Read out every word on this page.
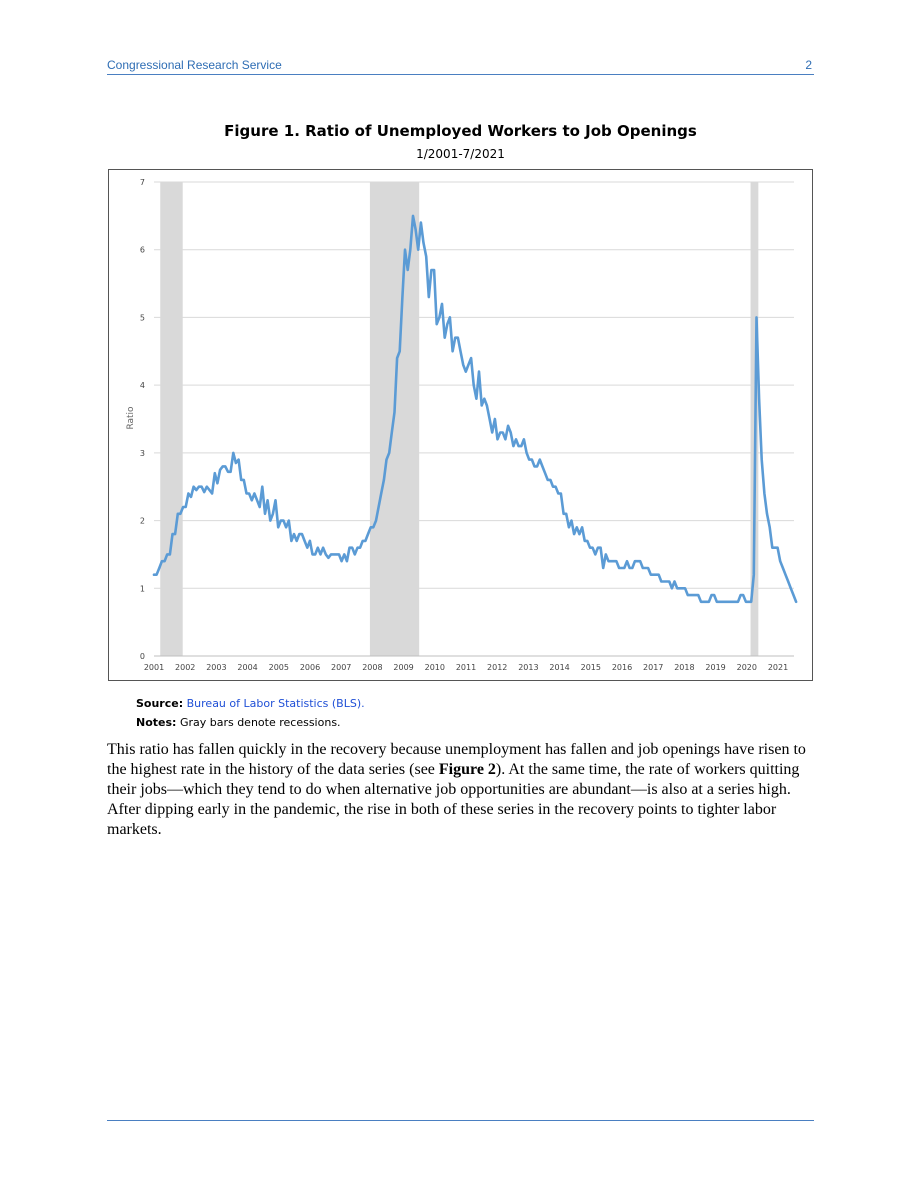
Congressional Research Service	2
Figure 1. Ratio of Unemployed Workers to Job Openings
1/2001-7/2021
0
1
2
3
4
5
6
7
2001 2002 2003 2004 2005 2006 2007 2008 2009 2010 2011 2012 2013 2014 2015 2016 2017 2018 2019 2020 2021
Ratio
Source: Bureau of Labor Statistics (BLS).
Notes: Gray bars denote recessions.
This ratio has fallen quickly in the recovery because unemployment has fallen and job openings have risen to the highest rate in the history of the data series (see Figure 2). At the same time, the rate of workers quitting their jobs—which they tend to do when alternative job opportunities are abundant—is also at a series high. After dipping early in the pandemic, the rise in both of these series in the recovery points to tighter labor markets.
